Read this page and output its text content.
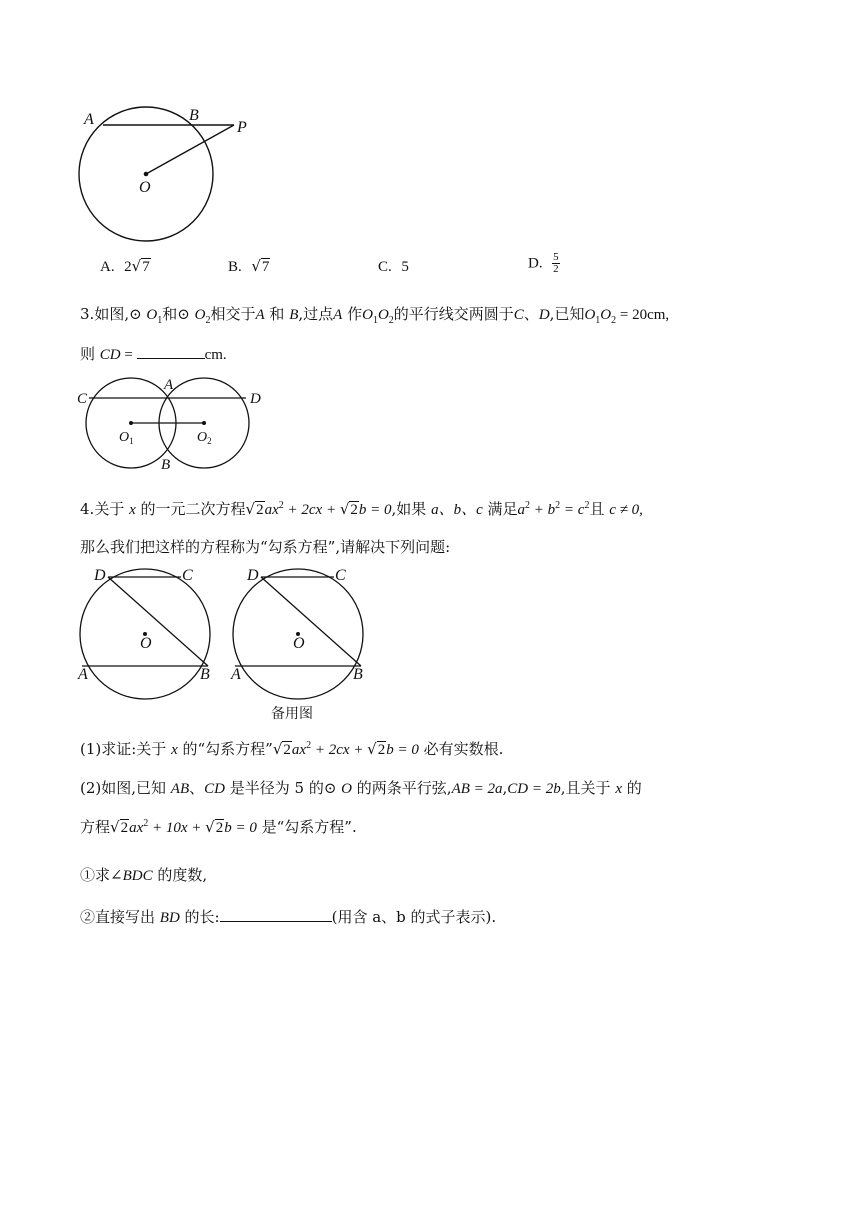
A	B
P
O
A. 2√7	B. √7	C. 5	D. $\frac{5}{2}$
3.如图,⊙ $O_1$和⊙ $O_2$相交于A 和 B,过点A 作$O_1O_2$的平行线交两圆于C、D,已知$O_1O_2 = 20cm$,
则 CD =	cm.
C
A
D
$O_1$	$O_2$
B
4.关于 x 的一元二次方程$√2ax^2 + 2cx + √2b = 0$,如果 a、b、c 满足$a^2 + b^2 = c^2$且 c ≠ 0,
那么我们把这样的方程称为“勾系方程”,请解决下列问题:
D	C
O
A	B
D	C
O
A	B
备用图
(1)求证:关于 x 的“勾系方程$”√2ax^2 + 2cx + √2b = 0$ 必有实数根.
(2)如图,已知 AB、CD 是半径为 5 的⊙ O 的两条平行弦,AB = 2a,CD = 2b,且关于 x 的
方程$√2ax^2 + 10x + √2b = 0$ 是“勾系方程”.
①求∠BDC 的度数,
②直接写出 BD 的长:	(用含 a、b 的式子表示).
